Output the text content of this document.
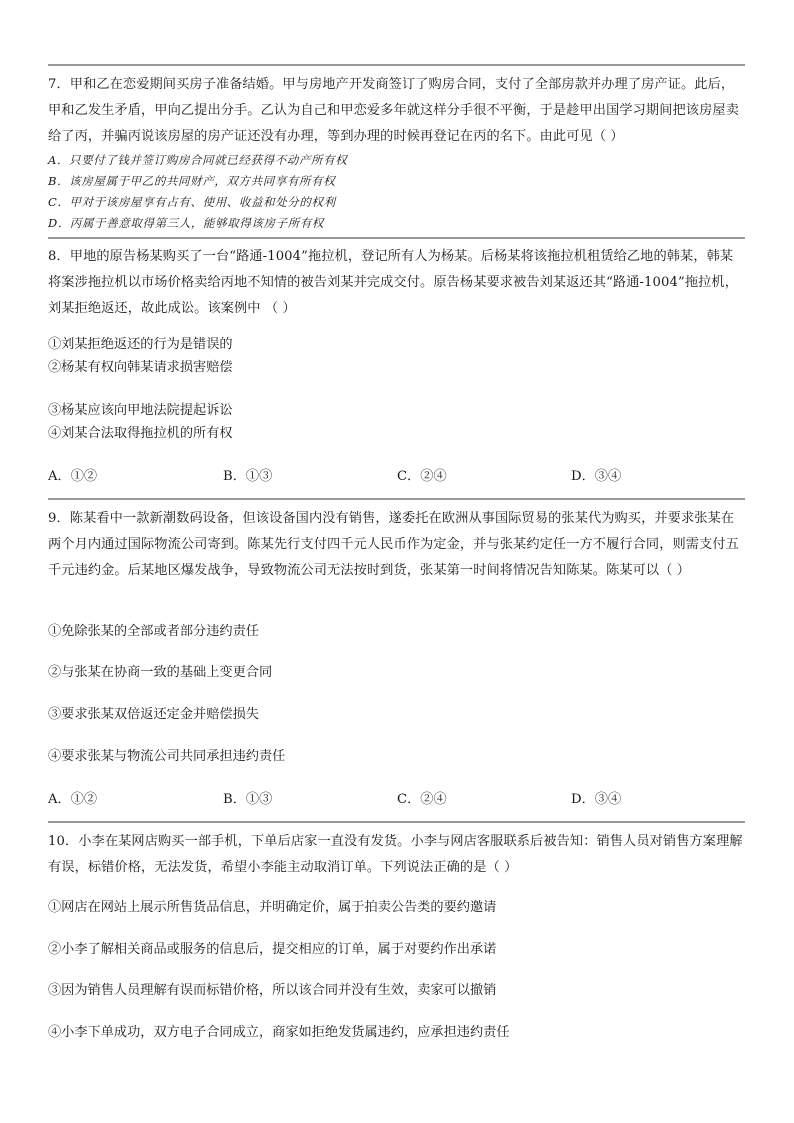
7．甲和乙在恋爱期间买房子准备结婚。甲与房地产开发商签订了购房合同，支付了全部房款并办理了房产证。此后，甲和乙发生矛盾，甲向乙提出分手。乙认为自己和甲恋爱多年就这样分手很不平衡，于是趁甲出国学习期间把该房屋卖给了丙，并骗丙说该房屋的房产证还没有办理，等到办理的时候再登记在丙的名下。由此可见（ ）

A．只要付了钱并签订购房合同就已经获得不动产所有权

B．该房屋属于甲乙的共同财产，双方共同享有所有权

C．甲对于该房屋享有占有、使用、收益和处分的权利

D．丙属于善意取得第三人，能够取得该房子所有权

8．甲地的原告杨某购买了一台“路通-1004”拖拉机，登记所有人为杨某。后杨某将该拖拉机租赁给乙地的韩某，韩某将案涉拖拉机以市场价格卖给丙地不知情的被告刘某并完成交付。原告杨某要求被告刘某返还其“路通-1004”拖拉机，刘某拒绝返还，故此成讼。该案例中 （ ）

①刘某拒绝返还的行为是错误的

②杨某有权向韩某请求损害赔偿

③杨某应该向甲地法院提起诉讼

④刘某合法取得拖拉机的所有权

A．①②	B．①③	C．②④	D．③④

9．陈某看中一款新潮数码设备，但该设备国内没有销售，遂委托在欧洲从事国际贸易的张某代为购买，并要求张某在两个月内通过国际物流公司寄到。陈某先行支付四千元人民币作为定金，并与张某约定任一方不履行合同，则需支付五千元违约金。后某地区爆发战争，导致物流公司无法按时到货，张某第一时间将情况告知陈某。陈某可以（ ）

①免除张某的全部或者部分违约责任

②与张某在协商一致的基础上变更合同

③要求张某双倍返还定金并赔偿损失

④要求张某与物流公司共同承担违约责任

A．①②	B．①③	C．②④	D．③④

10．小李在某网店购买一部手机，下单后店家一直没有发货。小李与网店客服联系后被告知：销售人员对销售方案理解有误，标错价格，无法发货，希望小李能主动取消订单。下列说法正确的是（ ）

①网店在网站上展示所售货品信息，并明确定价，属于拍卖公告类的要约邀请

②小李了解相关商品或服务的信息后，提交相应的订单，属于对要约作出承诺

③因为销售人员理解有误而标错价格，所以该合同并没有生效，卖家可以撤销

④小李下单成功，双方电子合同成立，商家如拒绝发货属违约，应承担违约责任
